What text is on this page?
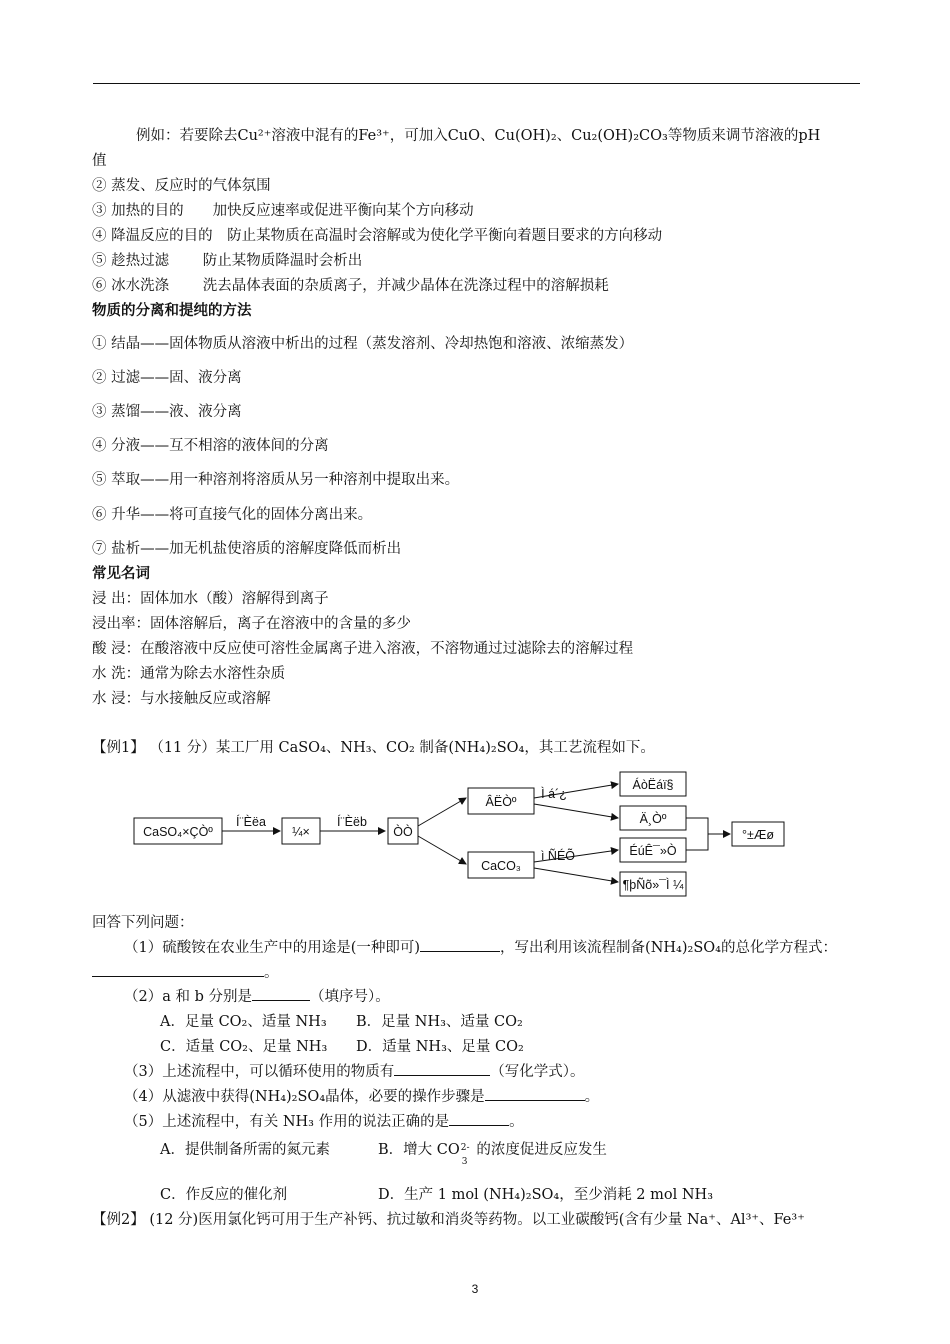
例如：若要除去Cu²⁺溶液中混有的Fe³⁺，可加入CuO、Cu(OH)₂、Cu₂(OH)₂CO₃等物质来调节溶液的pH
值
② 蒸发、反应时的气体氛围
③ 加热的目的　　加快反应速率或促进平衡向某个方向移动
④ 降温反应的目的　防止某物质在高温时会溶解或为使化学平衡向着题目要求的方向移动
⑤ 趁热过滤　　 防止某物质降温时会析出
⑥ 冰水洗涤　　 洗去晶体表面的杂质离子，并减少晶体在洗涤过程中的溶解损耗
物质的分离和提纯的方法
① 结晶——固体物质从溶液中析出的过程（蒸发溶剂、冷却热饱和溶液、浓缩蒸发）
② 过滤——固、液分离
③ 蒸馏——液、液分离
④ 分液——互不相溶的液体间的分离
⑤ 萃取——用一种溶剂将溶质从另一种溶剂中提取出来。
⑥ 升华——将可直接气化的固体分离出来。
⑦ 盐析——加无机盐使溶质的溶解度降低而析出
常见名词
浸 出：固体加水（酸）溶解得到离子
浸出率：固体溶解后，离子在溶液中的含量的多少
酸 浸：在酸溶液中反应使可溶性金属离子进入溶液，不溶物通过过滤除去的溶解过程
水 洗：通常为除去水溶性杂质
水 浸：与水接触反应或溶解
【例1】 （11 分）某工厂用 CaSO₄、NH₃、CO₂ 制备(NH₄)₂SO₄，其工艺流程如下。
CaSO₄×ÇÒº
Í¨Èëa
¼×
Í¨Èëb
ÒÒ
ÂËÒº
CaCO₃
Ì á´¿
ì ÑÉÕ
ÁòËáï§
Ä¸Òº
ÉúÊ¯»Ò
¶þÑõ»¯Ì ¼
°±Æø
回答下列问题：
（1）硫酸铵在农业生产中的用途是(一种即可)	，写出利用该流程制备(NH₄)₂SO₄的总化学方程式：
。
（2）a 和 b 分别是	（填序号）。
A．足量 CO₂、适量 NH₃ B．足量 NH₃、适量 CO₂
C．适量 CO₂、足量 NH₃ D．适量 NH₃、足量 CO₂
（3）上述流程中，可以循环使用的物质有	（写化学式）。
（4）从滤液中获得(NH₄)₂SO₄晶体，必要的操作步骤是	。
（5）上述流程中，有关 NH₃ 作用的说法正确的是	。
A．提供制备所需的氮元素	B．增大 CO 2-
3
的浓度促进反应发生
C．作反应的催化剂	D．生产 1 mol (NH₄)₂SO₄，至少消耗 2 mol NH₃
【例2】 (12 分)医用氯化钙可用于生产补钙、抗过敏和消炎等药物。以工业碳酸钙(含有少量 Na⁺、Al³⁺、Fe³⁺
3
